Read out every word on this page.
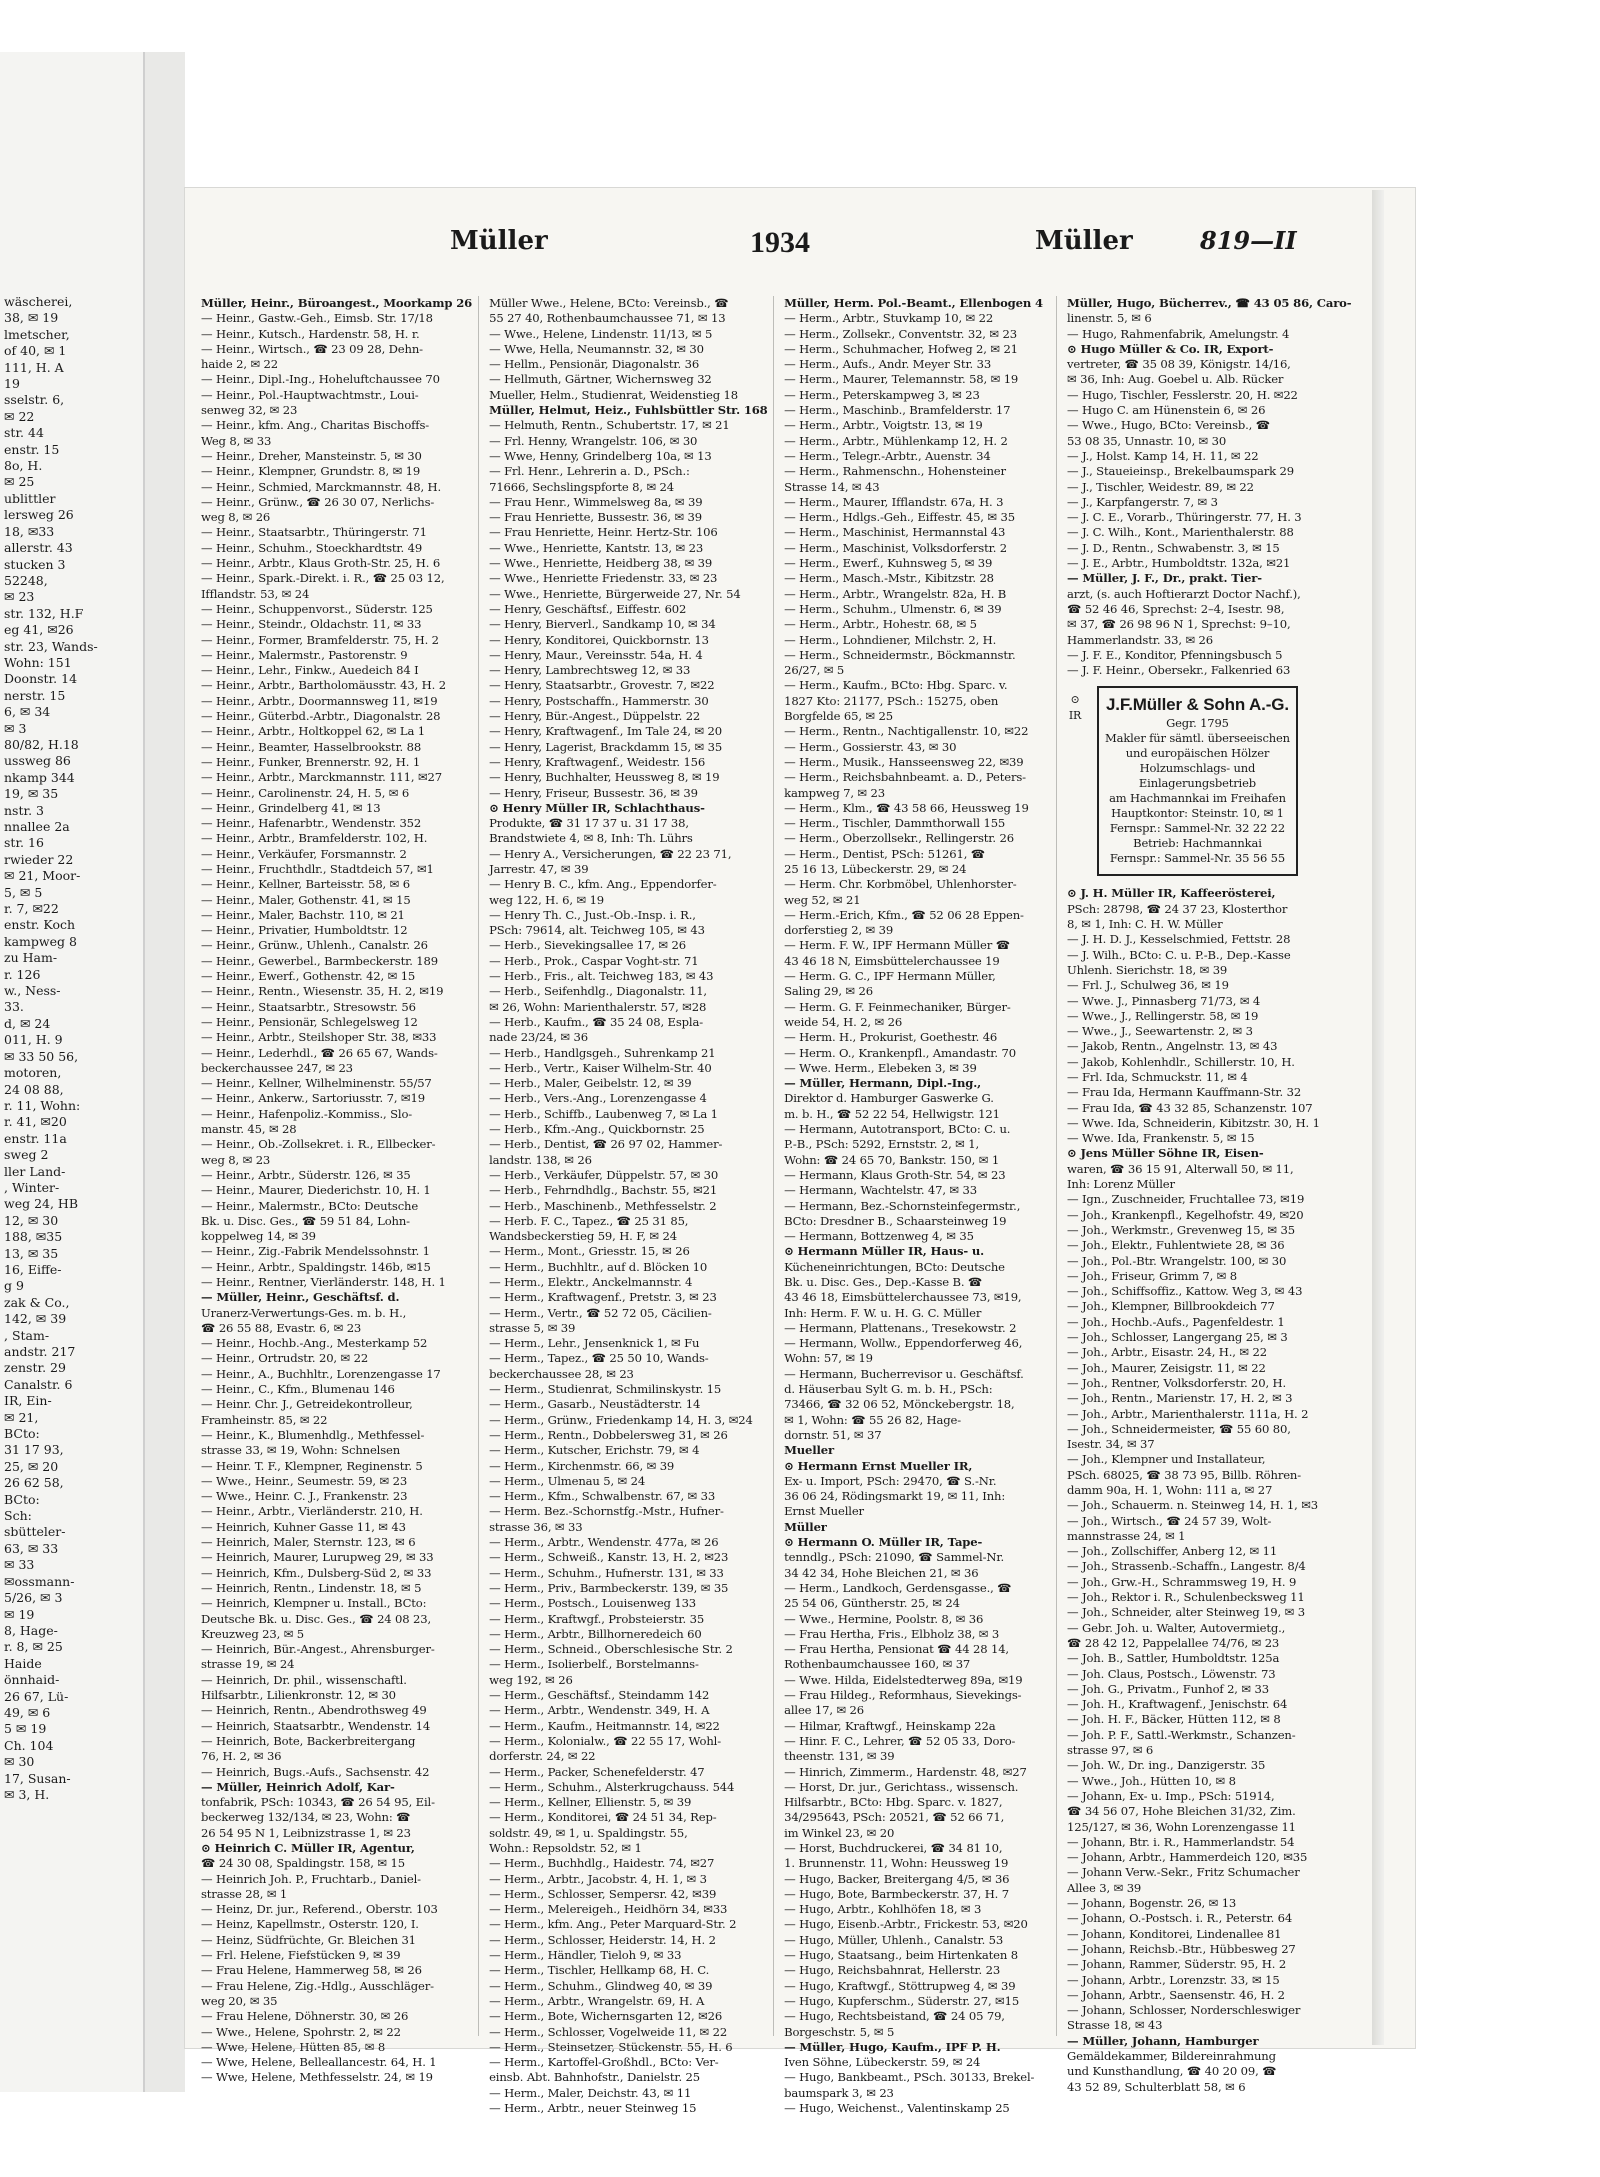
wäscherei,
38, ✉ 19
lmetscher,
of 40, ✉ 1
111, H. A
19
sselstr. 6,
✉ 22
str. 44
enstr. 15
8o, H.
✉ 25
ublittler
lersweg 26
18, ✉33
allerstr. 43
stucken 3
52248,
✉ 23
str. 132, H.F
eg 41, ✉26
str. 23, Wands-
Wohn: 151
Doonstr. 14
nerstr. 15
6, ✉ 34
✉ 3
80/82, H.18
ussweg 86
nkamp 344
19, ✉ 35
nstr. 3
nnallee 2a
str. 16
rwieder 22
✉ 21, Moor-
5, ✉ 5
r. 7, ✉22
enstr. Koch
kampweg 8
zu Ham-
r. 126
w., Ness-
33.
d, ✉ 24
011, H. 9
✉ 33 50 56,
motoren,
24 08 88,
r. 11, Wohn:
r. 41, ✉20
enstr. 11a
sweg 2
ller Land-
, Winter-
weg 24, HB
12, ✉ 30
188, ✉35
13, ✉ 35
16, Eiffe-
g 9
zak & Co.,
142, ✉ 39
, Stam-
andstr. 217
zenstr. 29
Canalstr. 6
IR, Ein-
✉ 21,
BCto:
31 17 93,
25, ✉ 20
26 62 58,
BCto:
Sch:
sbütteler-
63, ✉ 33
✉ 33
✉ossmann-
5/26, ✉ 3
✉ 19
8, Hage-
r. 8, ✉ 25
Haide
önnhaid-
26 67, Lü-
49, ✉ 6
5 ✉ 19
Ch. 104
✉ 30
17, Susan-
✉ 3, H.
Müller	1934	Müller	819—II
Müller, Heinr., Büroangest., Moorkamp 26
— Heinr., Gastw.-Geh., Eimsb. Str. 17/18
— Heinr., Kutsch., Hardenstr. 58, H. r.
— Heinr., Wirtsch., ☎ 23 09 28, Dehn-
haide 2, ✉ 22
— Heinr., Dipl.-Ing., Hoheluftchaussee 70
— Heinr., Pol.-Hauptwachtmstr., Loui-
senweg 32, ✉ 23
— Heinr., kfm. Ang., Charitas Bischoffs-
Weg 8, ✉ 33
— Heinr., Dreher, Mansteinstr. 5, ✉ 30
— Heinr., Klempner, Grundstr. 8, ✉ 19
— Heinr., Schmied, Marckmannstr. 48, H.
— Heinr., Grünw., ☎ 26 30 07, Nerlichs-
weg 8, ✉ 26
— Heinr., Staatsarbtr., Thüringerstr. 71
— Heinr., Schuhm., Stoeckhardtstr. 49
— Heinr., Arbtr., Klaus Groth-Str. 25, H. 6
— Heinr., Spark.-Direkt. i. R., ☎ 25 03 12,
Ifflandstr. 53, ✉ 24
— Heinr., Schuppenvorst., Süderstr. 125
— Heinr., Steindr., Oldachstr. 11, ✉ 33
— Heinr., Former, Bramfelderstr. 75, H. 2
— Heinr., Malermstr., Pastorenstr. 9
— Heinr., Lehr., Finkw., Auedeich 84 I
— Heinr., Arbtr., Bartholomäusstr. 43, H. 2
— Heinr., Arbtr., Doormannsweg 11, ✉19
— Heinr., Güterbd.-Arbtr., Diagonalstr. 28
— Heinr., Arbtr., Holtkoppel 62, ✉ La 1
— Heinr., Beamter, Hasselbrookstr. 88
— Heinr., Funker, Brennerstr. 92, H. 1
— Heinr., Arbtr., Marckmannstr. 111, ✉27
— Heinr., Carolinenstr. 24, H. 5, ✉ 6
— Heinr., Grindelberg 41, ✉ 13
— Heinr., Hafenarbtr., Wendenstr. 352
— Heinr., Arbtr., Bramfelderstr. 102, H.
— Heinr., Verkäufer, Forsmannstr. 2
— Heinr., Fruchthdlr., Stadtdeich 57, ✉1
— Heinr., Kellner, Barteisstr. 58, ✉ 6
— Heinr., Maler, Gothenstr. 41, ✉ 15
— Heinr., Maler, Bachstr. 110, ✉ 21
— Heinr., Privatier, Humboldtstr. 12
— Heinr., Grünw., Uhlenh., Canalstr. 26
— Heinr., Gewerbel., Barmbeckerstr. 189
— Heinr., Ewerf., Gothenstr. 42, ✉ 15
— Heinr., Rentn., Wiesenstr. 35, H. 2, ✉19
— Heinr., Staatsarbtr., Stresowstr. 56
— Heinr., Pensionär, Schlegelsweg 12
— Heinr., Arbtr., Steilshoper Str. 38, ✉33
— Heinr., Lederhdl., ☎ 26 65 67, Wands-
beckerchaussee 247, ✉ 23
— Heinr., Kellner, Wilhelminenstr. 55/57
— Heinr., Ankerw., Sartoriusstr. 7, ✉19
— Heinr., Hafenpoliz.-Kommiss., Slo-
manstr. 45, ✉ 28
— Heinr., Ob.-Zollsekret. i. R., Ellbecker-
weg 8, ✉ 23
— Heinr., Arbtr., Süderstr. 126, ✉ 35
— Heinr., Maurer, Diederichstr. 10, H. 1
— Heinr., Malermstr., BCto: Deutsche
Bk. u. Disc. Ges., ☎ 59 51 84, Lohn-
koppelweg 14, ✉ 39
— Heinr., Zig.-Fabrik Mendelssohnstr. 1
— Heinr., Arbtr., Spaldingstr. 146b, ✉15
— Heinr., Rentner, Vierländerstr. 148, H. 1
— Müller, Heinr., Geschäftsf. d.
Uranerz-Verwertungs-Ges. m. b. H.,
☎ 26 55 88, Evastr. 6, ✉ 23
— Heinr., Hochb.-Ang., Mesterkamp 52
— Heinr., Ortrudstr. 20, ✉ 22
— Heinr., A., Buchhltr., Lorenzengasse 17
— Heinr., C., Kfm., Blumenau 146
— Heinr. Chr. J., Getreidekontrolleur,
Framheinstr. 85, ✉ 22
— Heinr., K., Blumenhdlg., Methfessel-
strasse 33, ✉ 19, Wohn: Schnelsen
— Heinr. T. F., Klempner, Reginenstr. 5
— Wwe., Heinr., Seumestr. 59, ✉ 23
— Wwe., Heinr. C. J., Frankenstr. 23
— Heinr., Arbtr., Vierländerstr. 210, H.
— Heinrich, Kuhner Gasse 11, ✉ 43
— Heinrich, Maler, Sternstr. 123, ✉ 6
— Heinrich, Maurer, Lurupweg 29, ✉ 33
— Heinrich, Kfm., Dulsberg-Süd 2, ✉ 33
— Heinrich, Rentn., Lindenstr. 18, ✉ 5
— Heinrich, Klempner u. Install., BCto:
Deutsche Bk. u. Disc. Ges., ☎ 24 08 23,
Kreuzweg 23, ✉ 5
— Heinrich, Bür.-Angest., Ahrensburger-
strasse 19, ✉ 24
— Heinrich, Dr. phil., wissenschaftl.
Hilfsarbtr., Lilienkronstr. 12, ✉ 30
— Heinrich, Rentn., Abendrothsweg 49
— Heinrich, Staatsarbtr., Wendenstr. 14
— Heinrich, Bote, Backerbreitergang
76, H. 2, ✉ 36
— Heinrich, Bugs.-Aufs., Sachsenstr. 42
— Müller, Heinrich Adolf, Kar-
tonfabrik, PSch: 10343, ☎ 26 54 95, Eil-
beckerweg 132/134, ✉ 23, Wohn: ☎
26 54 95 N 1, Leibnizstrasse 1, ✉ 23
⊙ Heinrich C. Müller IR, Agentur,
☎ 24 30 08, Spaldingstr. 158, ✉ 15
— Heinrich Joh. P., Fruchtarb., Daniel-
strasse 28, ✉ 1
— Heinz, Dr. jur., Referend., Oberstr. 103
— Heinz, Kapellmstr., Osterstr. 120, I.
— Heinz, Südfrüchte, Gr. Bleichen 31
— Frl. Helene, Fiefstücken 9, ✉ 39
— Frau Helene, Hammerweg 58, ✉ 26
— Frau Helene, Zig.-Hdlg., Ausschläger-
weg 20, ✉ 35
— Frau Helene, Döhnerstr. 30, ✉ 26
— Wwe., Helene, Spohrstr. 2, ✉ 22
— Wwe, Helene, Hütten 85, ✉ 8
— Wwe, Helene, Belleallancestr. 64, H. 1
— Wwe, Helene, Methfesselstr. 24, ✉ 19
Müller Wwe., Helene, BCto: Vereinsb., ☎
55 27 40, Rothenbaumchaussee 71, ✉ 13
— Wwe., Helene, Lindenstr. 11/13, ✉ 5
— Wwe, Hella, Neumannstr. 32, ✉ 30
— Hellm., Pensionär, Diagonalstr. 36
— Hellmuth, Gärtner, Wichernsweg 32
Mueller, Helm., Studienrat, Weidenstieg 18
Müller, Helmut, Heiz., Fuhlsbüttler Str. 168
— Helmuth, Rentn., Schubertstr. 17, ✉ 21
— Frl. Henny, Wrangelstr. 106, ✉ 30
— Wwe, Henny, Grindelberg 10a, ✉ 13
— Frl. Henr., Lehrerin a. D., PSch.:
71666, Sechslingspforte 8, ✉ 24
— Frau Henr., Wimmelsweg 8a, ✉ 39
— Frau Henriette, Bussestr. 36, ✉ 39
— Frau Henriette, Heinr. Hertz-Str. 106
— Wwe., Henriette, Kantstr. 13, ✉ 23
— Wwe., Henriette, Heidberg 38, ✉ 39
— Wwe., Henriette Friedenstr. 33, ✉ 23
— Wwe., Henriette, Bürgerweide 27, Nr. 54
— Henry, Geschäftsf., Eiffestr. 602
— Henry, Bierverl., Sandkamp 10, ✉ 34
— Henry, Konditorei, Quickbornstr. 13
— Henry, Maur., Vereinsstr. 54a, H. 4
— Henry, Lambrechtsweg 12, ✉ 33
— Henry, Staatsarbtr., Grovestr. 7, ✉22
— Henry, Postschaffn., Hammerstr. 30
— Henry, Bür.-Angest., Düppelstr. 22
— Henry, Kraftwagenf., Im Tale 24, ✉ 20
— Henry, Lagerist, Brackdamm 15, ✉ 35
— Henry, Kraftwagenf., Weidestr. 156
— Henry, Buchhalter, Heussweg 8, ✉ 19
— Henry, Friseur, Bussestr. 36, ✉ 39
⊙ Henry Müller IR, Schlachthaus-
Produkte, ☎ 31 17 37 u. 31 17 38,
Brandstwiete 4, ✉ 8, Inh: Th. Lührs
— Henry A., Versicherungen, ☎ 22 23 71,
Jarrestr. 47, ✉ 39
— Henry B. C., kfm. Ang., Eppendorfer-
weg 122, H. 6, ✉ 19
— Henry Th. C., Just.-Ob.-Insp. i. R.,
PSch: 79614, alt. Teichweg 105, ✉ 43
— Herb., Sievekingsallee 17, ✉ 26
— Herb., Prok., Caspar Voght-str. 71
— Herb., Fris., alt. Teichweg 183, ✉ 43
— Herb., Seifenhdlg., Diagonalstr. 11,
✉ 26, Wohn: Marienthalerstr. 57, ✉28
— Herb., Kaufm., ☎ 35 24 08, Espla-
nade 23/24, ✉ 36
— Herb., Handlgsgeh., Suhrenkamp 21
— Herb., Vertr., Kaiser Wilhelm-Str. 40
— Herb., Maler, Geibelstr. 12, ✉ 39
— Herb., Vers.-Ang., Lorenzengasse 4
— Herb., Schiffb., Laubenweg 7, ✉ La 1
— Herb., Kfm.-Ang., Quickbornstr. 25
— Herb., Dentist, ☎ 26 97 02, Hammer-
landstr. 138, ✉ 26
— Herb., Verkäufer, Düppelstr. 57, ✉ 30
— Herb., Fehrndhdlg., Bachstr. 55, ✉21
— Herb., Maschinenb., Methfesselstr. 2
— Herb. F. C., Tapez., ☎ 25 31 85,
Wandsbeckerstieg 59, H. F, ✉ 24
— Herm., Mont., Griesstr. 15, ✉ 26
— Herm., Buchhltr., auf d. Blöcken 10
— Herm., Elektr., Anckelmannstr. 4
— Herm., Kraftwagenf., Pretstr. 3, ✉ 23
— Herm., Vertr., ☎ 52 72 05, Cäcilien-
strasse 5, ✉ 39
— Herm., Lehr., Jensenknick 1, ✉ Fu
— Herm., Tapez., ☎ 25 50 10, Wands-
beckerchaussee 28, ✉ 23
— Herm., Studienrat, Schmilinskystr. 15
— Herm., Gasarb., Neustädterstr. 14
— Herm., Grünw., Friedenkamp 14, H. 3, ✉24
— Herm., Rentn., Dobbelersweg 31, ✉ 26
— Herm., Kutscher, Erichstr. 79, ✉ 4
— Herm., Kirchenmstr. 66, ✉ 39
— Herm., Ulmenau 5, ✉ 24
— Herm., Kfm., Schwalbenstr. 67, ✉ 33
— Herm. Bez.-Schornstfg.-Mstr., Hufner-
strasse 36, ✉ 33
— Herm., Arbtr., Wendenstr. 477a, ✉ 26
— Herm., Schweiß., Kanstr. 13, H. 2, ✉23
— Herm., Schuhm., Hufnerstr. 131, ✉ 33
— Herm., Priv., Barmbeckerstr. 139, ✉ 35
— Herm., Postsch., Louisenweg 133
— Herm., Kraftwgf., Probsteierstr. 35
— Herm., Arbtr., Billhorneredeich 60
— Herm., Schneid., Oberschlesische Str. 2
— Herm., Isolierbelf., Borstelmanns-
weg 192, ✉ 26
— Herm., Geschäftsf., Steindamm 142
— Herm., Arbtr., Wendenstr. 349, H. A
— Herm., Kaufm., Heitmannstr. 14, ✉22
— Herm., Kolonialw., ☎ 22 55 17, Wohl-
dorferstr. 24, ✉ 22
— Herm., Packer, Schenefelderstr. 47
— Herm., Schuhm., Alsterkrugchauss. 544
— Herm., Kellner, Ellienstr. 5, ✉ 39
— Herm., Konditorei, ☎ 24 51 34, Rep-
soldstr. 49, ✉ 1, u. Spaldingstr. 55,
Wohn.: Repsoldstr. 52, ✉ 1
— Herm., Buchhdlg., Haidestr. 74, ✉27
— Herm., Arbtr., Jacobstr. 4, H. 1, ✉ 3
— Herm., Schlosser, Sempersr. 42, ✉39
— Herm., Melereigeh., Heidhörn 34, ✉33
— Herm., kfm. Ang., Peter Marquard-Str. 2
— Herm., Schlosser, Heiderstr. 14, H. 2
— Herm., Händler, Tieloh 9, ✉ 33
— Herm., Tischler, Hellkamp 68, H. C.
— Herm., Schuhm., Glindweg 40, ✉ 39
— Herm., Arbtr., Wrangelstr. 69, H. A
— Herm., Bote, Wichernsgarten 12, ✉26
— Herm., Schlosser, Vogelweide 11, ✉ 22
— Herm., Steinsetzer, Stückenstr. 55, H. 6
— Herm., Kartoffel-Großhdl., BCto: Ver-
einsb. Abt. Bahnhofstr., Danielstr. 25
— Herm., Maler, Deichstr. 43, ✉ 11
— Herm., Arbtr., neuer Steinweg 15
Müller, Herm. Pol.-Beamt., Ellenbogen 4
— Herm., Arbtr., Stuvkamp 10, ✉ 22
— Herm., Zollsekr., Conventstr. 32, ✉ 23
— Herm., Schuhmacher, Hofweg 2, ✉ 21
— Herm., Aufs., Andr. Meyer Str. 33
— Herm., Maurer, Telemannstr. 58, ✉ 19
— Herm., Peterskampweg 3, ✉ 23
— Herm., Maschinb., Bramfelderstr. 17
— Herm., Arbtr., Voigtstr. 13, ✉ 19
— Herm., Arbtr., Mühlenkamp 12, H. 2
— Herm., Telegr.-Arbtr., Auenstr. 34
— Herm., Rahmenschn., Hohensteiner
Strasse 14, ✉ 43
— Herm., Maurer, Ifflandstr. 67a, H. 3
— Herm., Hdlgs.-Geh., Eiffestr. 45, ✉ 35
— Herm., Maschinist, Hermannstal 43
— Herm., Maschinist, Volksdorferstr. 2
— Herm., Ewerf., Kuhnsweg 5, ✉ 39
— Herm., Masch.-Mstr., Kibitzstr. 28
— Herm., Arbtr., Wrangelstr. 82a, H. B
— Herm., Schuhm., Ulmenstr. 6, ✉ 39
— Herm., Arbtr., Hohestr. 68, ✉ 5
— Herm., Lohndiener, Milchstr. 2, H.
— Herm., Schneidermstr., Böckmannstr.
26/27, ✉ 5
— Herm., Kaufm., BCto: Hbg. Sparc. v.
1827 Kto: 21177, PSch.: 15275, oben
Borgfelde 65, ✉ 25
— Herm., Rentn., Nachtigallenstr. 10, ✉22
— Herm., Gossierstr. 43, ✉ 30
— Herm., Musik., Hansseensweg 22, ✉39
— Herm., Reichsbahnbeamt. a. D., Peters-
kampweg 7, ✉ 23
— Herm., Klm., ☎ 43 58 66, Heussweg 19
— Herm., Tischler, Dammthorwall 155
— Herm., Oberzollsekr., Rellingerstr. 26
— Herm., Dentist, PSch: 51261, ☎
25 16 13, Lübeckerstr. 29, ✉ 24
— Herm. Chr. Korbmöbel, Uhlenhorster-
weg 52, ✉ 21
— Herm.-Erich, Kfm., ☎ 52 06 28 Eppen-
dorferstieg 2, ✉ 39
— Herm. F. W., IPF Hermann Müller ☎
43 46 18 N, Eimsbüttelerchaussee 19
— Herm. G. C., IPF Hermann Müller,
Saling 29, ✉ 26
— Herm. G. F. Feinmechaniker, Bürger-
weide 54, H. 2, ✉ 26
— Herm. H., Prokurist, Goethestr. 46
— Herm. O., Krankenpfl., Amandastr. 70
— Wwe. Herm., Elebeken 3, ✉ 39
— Müller, Hermann, Dipl.-Ing.,
Direktor d. Hamburger Gaswerke G.
m. b. H., ☎ 52 22 54, Hellwigstr. 121
— Hermann, Autotransport, BCto: C. u.
P.-B., PSch: 5292, Ernststr. 2, ✉ 1,
Wohn: ☎ 24 65 70, Bankstr. 150, ✉ 1
— Hermann, Klaus Groth-Str. 54, ✉ 23
— Hermann, Wachtelstr. 47, ✉ 33
— Hermann, Bez.-Schornsteinfegermstr.,
BCto: Dresdner B., Schaarsteinweg 19
— Hermann, Bottzenweg 4, ✉ 35
⊙ Hermann Müller IR, Haus- u.
Kücheneinrichtungen, BCto: Deutsche
Bk. u. Disc. Ges., Dep.-Kasse B. ☎
43 46 18, Eimsbüttelerchaussee 73, ✉19,
Inh: Herm. F. W. u. H. G. C. Müller
— Hermann, Plattenans., Tresekowstr. 2
— Hermann, Wollw., Eppendorferweg 46,
Wohn: 57, ✉ 19
— Hermann, Bucherrevisor u. Geschäftsf.
d. Häuserbau Sylt G. m. b. H., PSch:
73466, ☎ 32 06 52, Mönckebergstr. 18,
✉ 1, Wohn: ☎ 55 26 82, Hage-
dornstr. 51, ✉ 37
Mueller
⊙ Hermann Ernst Mueller IR,
Ex- u. Import, PSch: 29470, ☎ S.-Nr.
36 06 24, Rödingsmarkt 19, ✉ 11, Inh:
Ernst Mueller
Müller
⊙ Hermann O. Müller IR, Tape-
tenndlg., PSch: 21090, ☎ Sammel-Nr.
34 42 34, Hohe Bleichen 21, ✉ 36
— Herm., Landkoch, Gerdensgasse., ☎
25 54 06, Güntherstr. 25, ✉ 24
— Wwe., Hermine, Poolstr. 8, ✉ 36
— Frau Hertha, Fris., Elbholz 38, ✉ 3
— Frau Hertha, Pensionat ☎ 44 28 14,
Rothenbaumchaussee 160, ✉ 37
— Wwe. Hilda, Eidelstedterweg 89a, ✉19
— Frau Hildeg., Reformhaus, Sievekings-
allee 17, ✉ 26
— Hilmar, Kraftwgf., Heinskamp 22a
— Hinr. F. C., Lehrer, ☎ 52 05 33, Doro-
theenstr. 131, ✉ 39
— Hinrich, Zimmerm., Hardenstr. 48, ✉27
— Horst, Dr. jur., Gerichtass., wissensch.
Hilfsarbtr., BCto: Hbg. Sparc. v. 1827,
34/295643, PSch: 20521, ☎ 52 66 71,
im Winkel 23, ✉ 20
— Horst, Buchdruckerei, ☎ 34 81 10,
1. Brunnenstr. 11, Wohn: Heussweg 19
— Hugo, Backer, Breitergang 4/5, ✉ 36
— Hugo, Bote, Barmbeckerstr. 37, H. 7
— Hugo, Arbtr., Kohlhöfen 18, ✉ 3
— Hugo, Eisenb.-Arbtr., Frickestr. 53, ✉20
— Hugo, Müller, Uhlenh., Canalstr. 53
— Hugo, Staatsang., beim Hirtenkaten 8
— Hugo, Reichsbahnrat, Hellerstr. 23
— Hugo, Kraftwgf., Stöttrupweg 4, ✉ 39
— Hugo, Kupferschm., Süderstr. 27, ✉15
— Hugo, Rechtsbeistand, ☎ 24 05 79,
Borgeschstr. 5, ✉ 5
— Müller, Hugo, Kaufm., IPF P. H.
Iven Söhne, Lübeckerstr. 59, ✉ 24
— Hugo, Bankbeamt., PSch. 30133, Brekel-
baumspark 3, ✉ 23
— Hugo, Weichenst., Valentinskamp 25
Müller, Hugo, Bücherrev., ☎ 43 05 86, Caro-
linenstr. 5, ✉ 6
— Hugo, Rahmenfabrik, Amelungstr. 4
⊙ Hugo Müller & Co. IR, Export-
vertreter, ☎ 35 08 39, Königstr. 14/16,
✉ 36, Inh: Aug. Goebel u. Alb. Rücker
— Hugo, Tischler, Fesslerstr. 20, H. ✉22
— Hugo C. am Hünenstein 6, ✉ 26
— Wwe., Hugo, BCto: Vereinsb., ☎
53 08 35, Unnastr. 10, ✉ 30
— J., Holst. Kamp 14, H. 11, ✉ 22
— J., Staueieinsp., Brekelbaumspark 29
— J., Tischler, Weidestr. 89, ✉ 22
— J., Karpfangerstr. 7, ✉ 3
— J. C. E., Vorarb., Thüringerstr. 77, H. 3
— J. C. Wilh., Kont., Marienthalerstr. 88
— J. D., Rentn., Schwabenstr. 3, ✉ 15
— J. E., Arbtr., Humboldtstr. 132a, ✉21
— Müller, J. F., Dr., prakt. Tier-
arzt, (s. auch Hoftierarzt Doctor Nachf.),
☎ 52 46 46, Sprechst: 2–4, Isestr. 98,
✉ 37, ☎ 26 98 96 N 1, Sprechst: 9–10,
Hammerlandstr. 33, ✉ 26
— J. F. E., Konditor, Pfenningsbusch 5
— J. F. Heinr., Obersekr., Falkenried 63
⊙
IR
J.F.Müller & Sohn A.-G.
Gegr. 1795
Makler für sämtl. überseeischen
und europäischen Hölzer
Holzumschlags- und
Einlagerungsbetrieb
am Hachmannkai im Freihafen
Hauptkontor: Steinstr. 10, ✉ 1
Fernspr.: Sammel-Nr. 32 22 22
Betrieb: Hachmannkai
Fernspr.: Sammel-Nr. 35 56 55
⊙ J. H. Müller IR, Kaffeerösterei,
PSch: 28798, ☎ 24 37 23, Klosterthor
8, ✉ 1, Inh: C. H. W. Müller
— J. H. D. J., Kesselschmied, Fettstr. 28
— J. Wilh., BCto: C. u. P.-B., Dep.-Kasse
Uhlenh. Sierichstr. 18, ✉ 39
— Frl. J., Schulweg 36, ✉ 19
— Wwe. J., Pinnasberg 71/73, ✉ 4
— Wwe., J., Rellingerstr. 58, ✉ 19
— Wwe., J., Seewartenstr. 2, ✉ 3
— Jakob, Rentn., Angelnstr. 13, ✉ 43
— Jakob, Kohlenhdlr., Schillerstr. 10, H.
— Frl. Ida, Schmuckstr. 11, ✉ 4
— Frau Ida, Hermann Kauffmann-Str. 32
— Frau Ida, ☎ 43 32 85, Schanzenstr. 107
— Wwe. Ida, Schneiderin, Kibitzstr. 30, H. 1
— Wwe. Ida, Frankenstr. 5, ✉ 15
⊙ Jens Müller Söhne IR, Eisen-
waren, ☎ 36 15 91, Alterwall 50, ✉ 11,
Inh: Lorenz Müller
— Ign., Zuschneider, Fruchtallee 73, ✉19
— Joh., Krankenpfl., Kegelhofstr. 49, ✉20
— Joh., Werkmstr., Grevenweg 15, ✉ 35
— Joh., Elektr., Fuhlentwiete 28, ✉ 36
— Joh., Pol.-Btr. Wrangelstr. 100, ✉ 30
— Joh., Friseur, Grimm 7, ✉ 8
— Joh., Schiffsoffiz., Kattow. Weg 3, ✉ 43
— Joh., Klempner, Billbrookdeich 77
— Joh., Hochb.-Aufs., Pagenfeldestr. 1
— Joh., Schlosser, Langergang 25, ✉ 3
— Joh., Arbtr., Eisastr. 24, H., ✉ 22
— Joh., Maurer, Zeisigstr. 11, ✉ 22
— Joh., Rentner, Volksdorferstr. 20, H.
— Joh., Rentn., Marienstr. 17, H. 2, ✉ 3
— Joh., Arbtr., Marienthalerstr. 111a, H. 2
— Joh., Schneidermeister, ☎ 55 60 80,
Isestr. 34, ✉ 37
— Joh., Klempner und Installateur,
PSch. 68025, ☎ 38 73 95, Billb. Röhren-
damm 90a, H. 1, Wohn: 111 a, ✉ 27
— Joh., Schauerm. n. Steinweg 14, H. 1, ✉3
— Joh., Wirtsch., ☎ 24 57 39, Wolt-
mannstrasse 24, ✉ 1
— Joh., Zollschiffer, Anberg 12, ✉ 11
— Joh., Strassenb.-Schaffn., Langestr. 8/4
— Joh., Grw.-H., Schrammsweg 19, H. 9
— Joh., Rektor i. R., Schulenbecksweg 11
— Joh., Schneider, alter Steinweg 19, ✉ 3
— Gebr. Joh. u. Walter, Autovermietg.,
☎ 28 42 12, Pappelallee 74/76, ✉ 23
— Joh. B., Sattler, Humboldtstr. 125a
— Joh. Claus, Postsch., Löwenstr. 73
— Joh. G., Privatm., Funhof 2, ✉ 33
— Joh. H., Kraftwagenf., Jenischstr. 64
— Joh. H. F., Bäcker, Hütten 112, ✉ 8
— Joh. P. F., Sattl.-Werkmstr., Schanzen-
strasse 97, ✉ 6
— Joh. W., Dr. ing., Danzigerstr. 35
— Wwe., Joh., Hütten 10, ✉ 8
— Johann, Ex- u. Imp., PSch: 51914,
☎ 34 56 07, Hohe Bleichen 31/32, Zim.
125/127, ✉ 36, Wohn Lorenzengasse 11
— Johann, Btr. i. R., Hammerlandstr. 54
— Johann, Arbtr., Hammerdeich 120, ✉35
— Johann Verw.-Sekr., Fritz Schumacher
Allee 3, ✉ 39
— Johann, Bogenstr. 26, ✉ 13
— Johann, O.-Postsch. i. R., Peterstr. 64
— Johann, Konditorei, Lindenallee 81
— Johann, Reichsb.-Btr., Hübbesweg 27
— Johann, Rammer, Süderstr. 95, H. 2
— Johann, Arbtr., Lorenzstr. 33, ✉ 15
— Johann, Arbtr., Saensenstr. 46, H. 2
— Johann, Schlosser, Norderschleswiger
Strasse 18, ✉ 43
— Müller, Johann, Hamburger
Gemäldekammer, Bildereinrahmung
und Kunsthandlung, ☎ 40 20 09, ☎
43 52 89, Schulterblatt 58, ✉ 6
